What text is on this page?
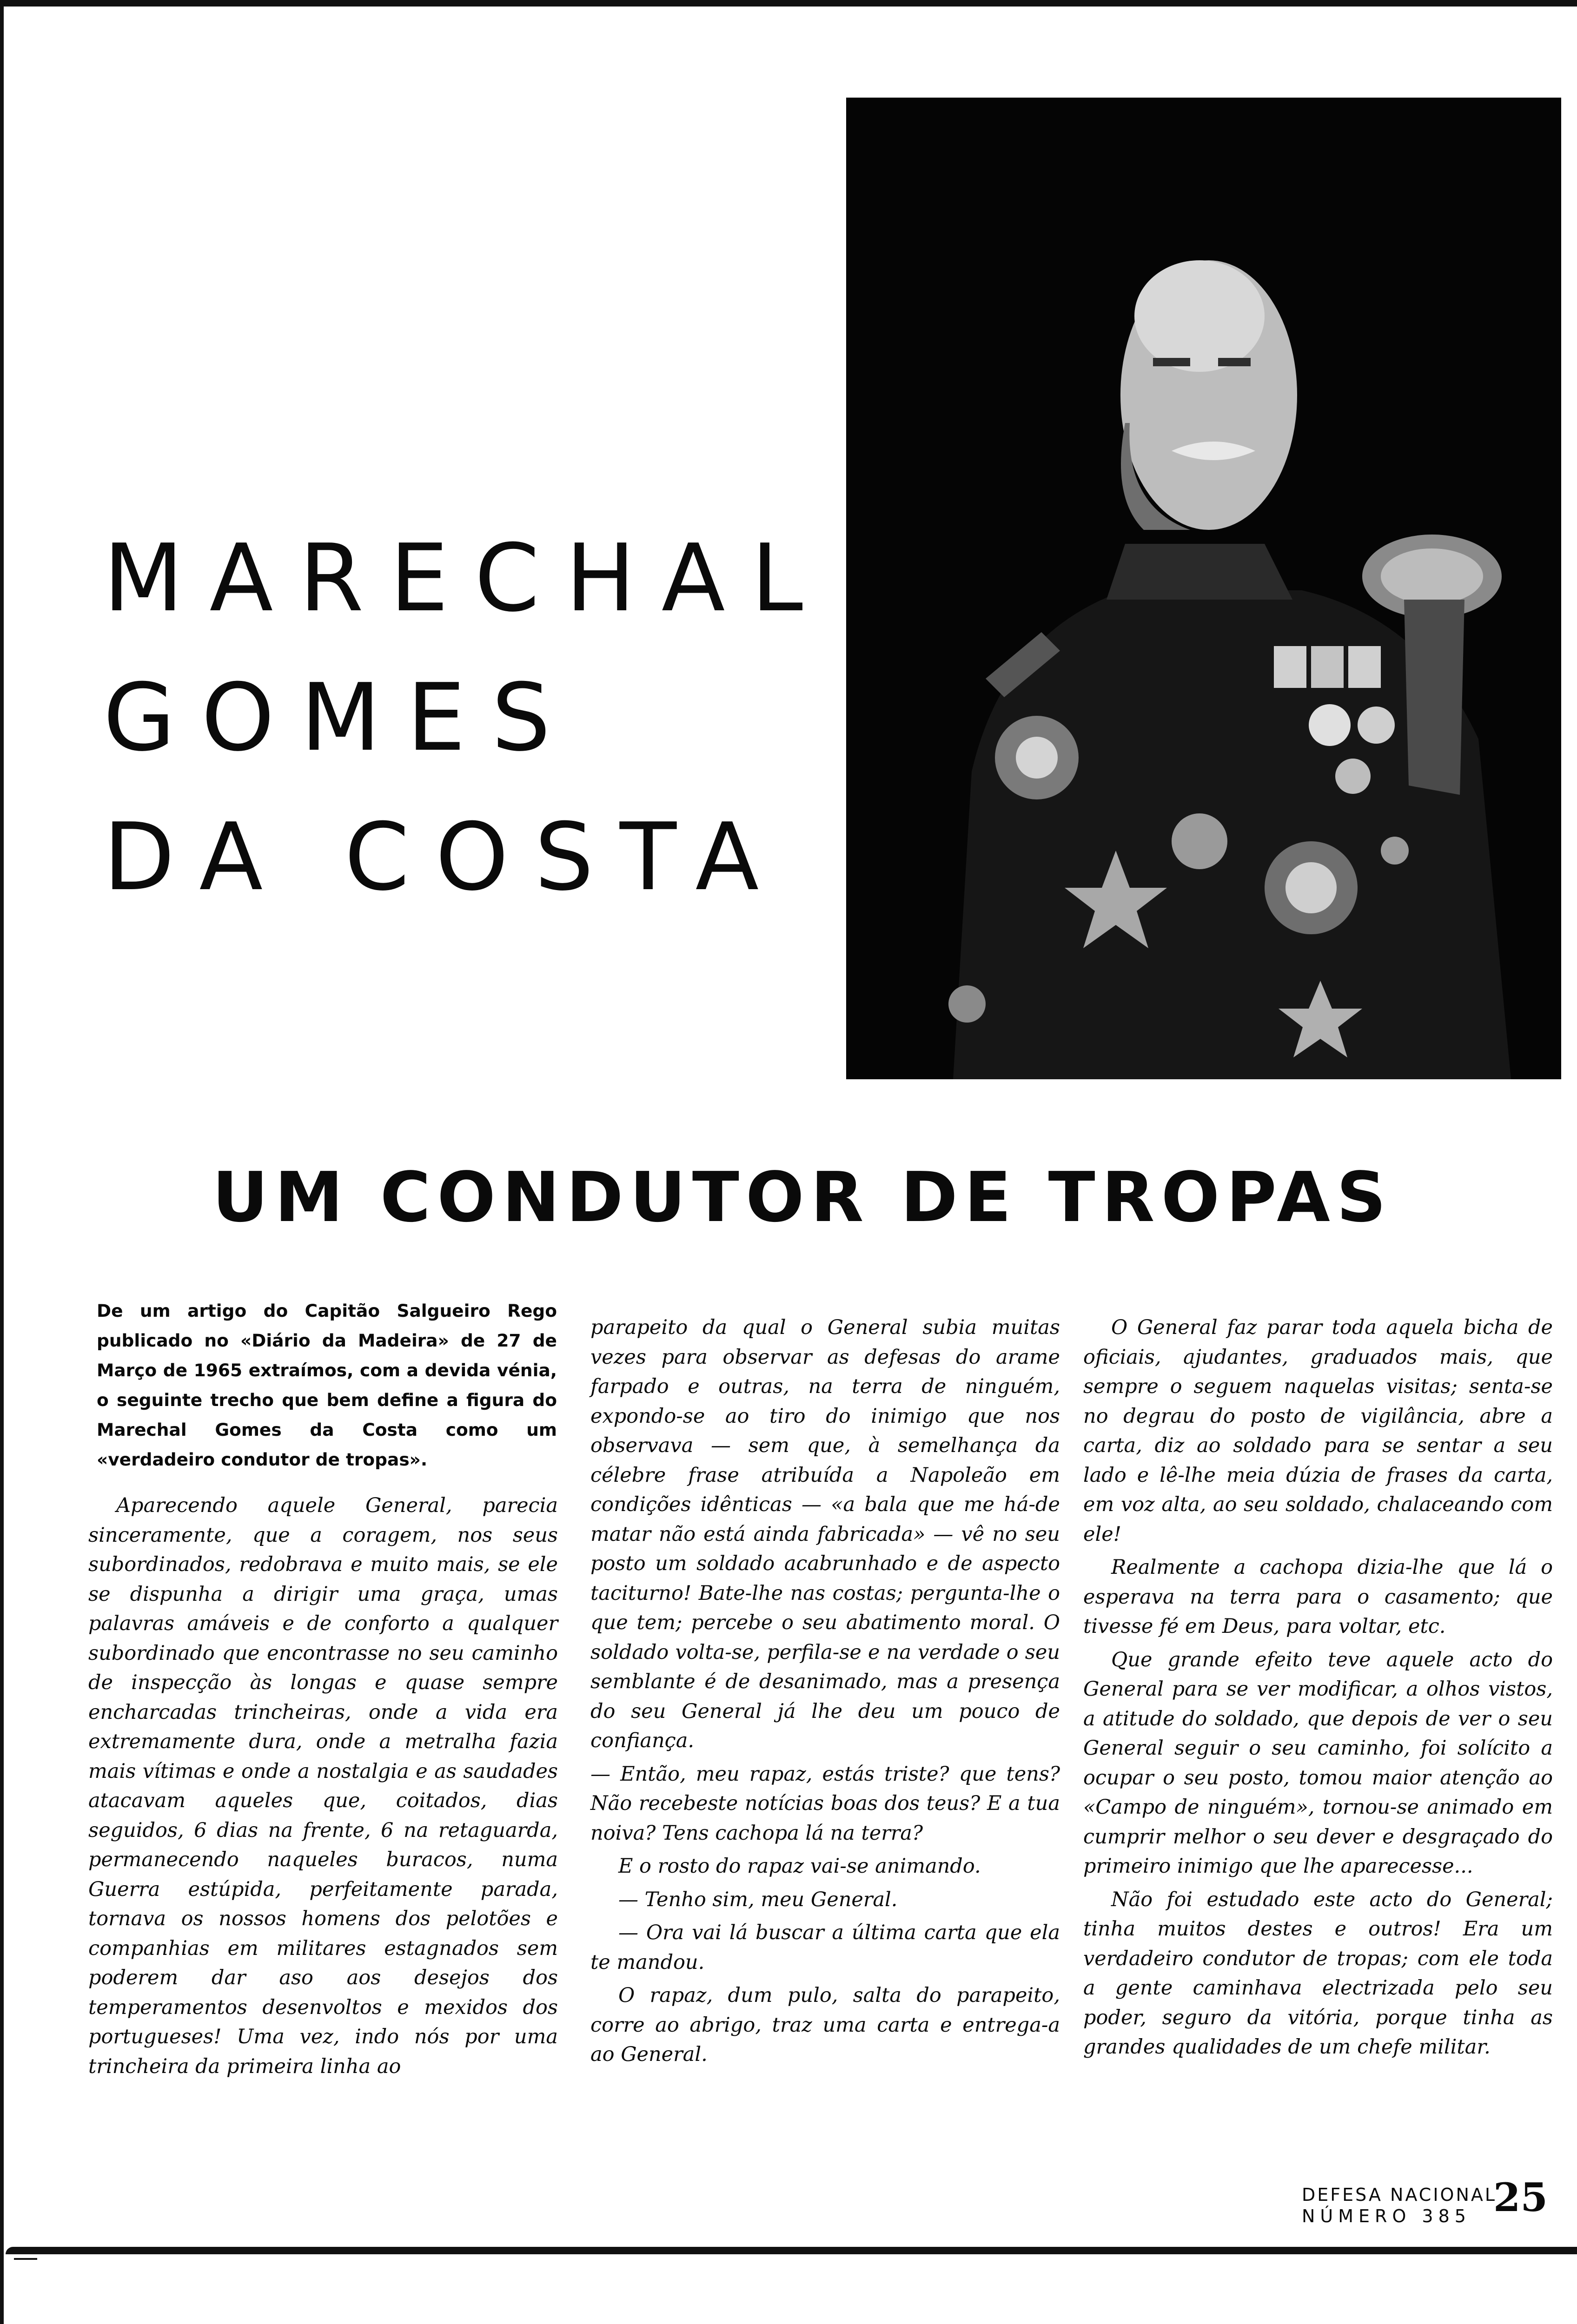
MARECHAL
GOMES
DA COSTA
UM CONDUTOR DE TROPAS
De um artigo do Capitão Salgueiro Rego publicado no «Diário da Madeira» de 27 de Março de 1965 extraímos, com a devida vénia, o seguinte trecho que bem define a figura do Marechal Gomes da Costa como um «verdadeiro condutor de tropas».

Aparecendo aquele General, parecia sinceramente, que a coragem, nos seus subordinados, redobrava e muito mais, se ele se dispunha a dirigir uma graça, umas palavras amáveis e de conforto a qualquer subordinado que encontrasse no seu caminho de inspecção às longas e quase sempre encharcadas trincheiras, onde a vida era extremamente dura, onde a metralha fazia mais vítimas e onde a nostalgia e as saudades atacavam aqueles que, coitados, dias seguidos, 6 dias na frente, 6 na retaguarda, permanecendo naqueles buracos, numa Guerra estúpida, perfeitamente parada, tornava os nossos homens dos pelotões e companhias em militares estagnados sem poderem dar aso aos desejos dos temperamentos desenvoltos e mexidos dos portugueses! Uma vez, indo nós por uma trincheira da primeira linha ao

parapeito da qual o General subia muitas vezes para observar as defesas do arame farpado e outras, na terra de ninguém, expondo-se ao tiro do inimigo que nos observava — sem que, à semelhança da célebre frase atribuída a Napoleão em condições idênticas — «a bala que me há-de matar não está ainda fabricada» — vê no seu posto um soldado acabrunhado e de aspecto taciturno! Bate-lhe nas costas; pergunta-lhe o que tem; percebe o seu abatimento moral. O soldado volta-se, perfila-se e na verdade o seu semblante é de desanimado, mas a presença do seu General já lhe deu um pouco de confiança.

— Então, meu rapaz, estás triste? que tens? Não recebeste notícias boas dos teus? E a tua noiva? Tens cachopa lá na terra?

E o rosto do rapaz vai-se animando.

— Tenho sim, meu General.

— Ora vai lá buscar a última carta que ela te mandou.

O rapaz, dum pulo, salta do parapeito, corre ao abrigo, traz uma carta e entrega-a ao General.

O General faz parar toda aquela bicha de oficiais, ajudantes, graduados mais, que sempre o seguem naquelas visitas; senta-se no degrau do posto de vigilância, abre a carta, diz ao soldado para se sentar a seu lado e lê-lhe meia dúzia de frases da carta, em voz alta, ao seu soldado, chalaceando com ele!

Realmente a cachopa dizia-lhe que lá o esperava na terra para o casamento; que tivesse fé em Deus, para voltar, etc.

Que grande efeito teve aquele acto do General para se ver modificar, a olhos vistos, a atitude do soldado, que depois de ver o seu General seguir o seu caminho, foi solícito a ocupar o seu posto, tomou maior atenção ao «Campo de ninguém», tornou-se animado em cumprir melhor o seu dever e desgraçado do primeiro inimigo que lhe aparecesse...

Não foi estudado este acto do General; tinha muitos destes e outros! Era um verdadeiro condutor de tropas; com ele toda a gente caminhava electrizada pelo seu poder, seguro da vitória, porque tinha as grandes qualidades de um chefe militar.

DEFESA NACIONAL
NÚMERO 385 25
